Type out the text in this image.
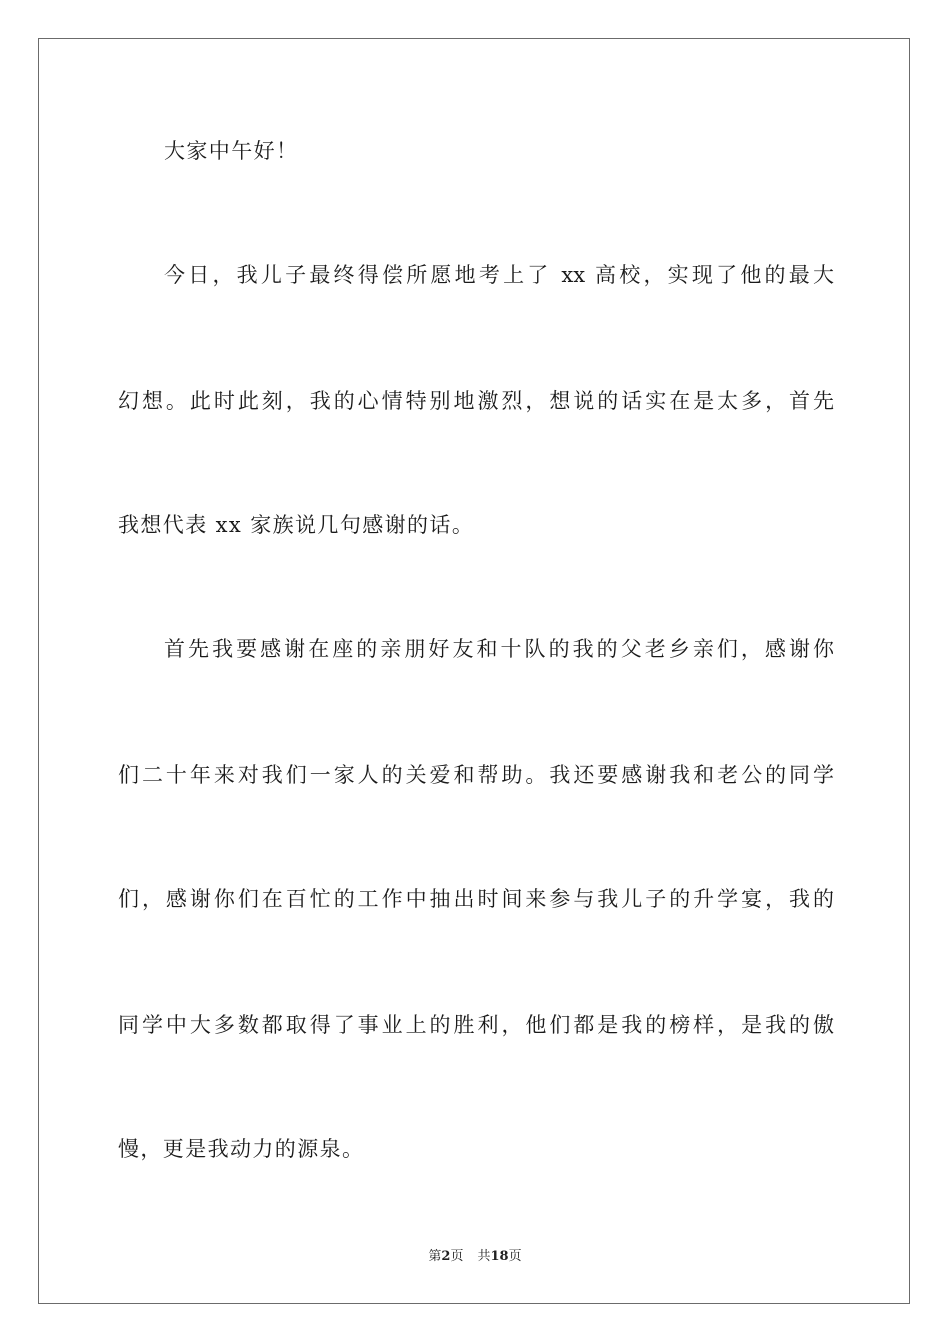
大家中午好！
今日，我儿子最终得偿所愿地考上了 xx 高校，实现了他的最大
幻想。此时此刻，我的心情特别地激烈，想说的话实在是太多，首先
我想代表 xx 家族说几句感谢的话。
首先我要感谢在座的亲朋好友和十队的我的父老乡亲们，感谢你
们二十年来对我们一家人的关爱和帮助。我还要感谢我和老公的同学
们，感谢你们在百忙的工作中抽出时间来参与我儿子的升学宴，我的
同学中大多数都取得了事业上的胜利，他们都是我的榜样，是我的傲
慢，更是我动力的源泉。
第2页 共18页
